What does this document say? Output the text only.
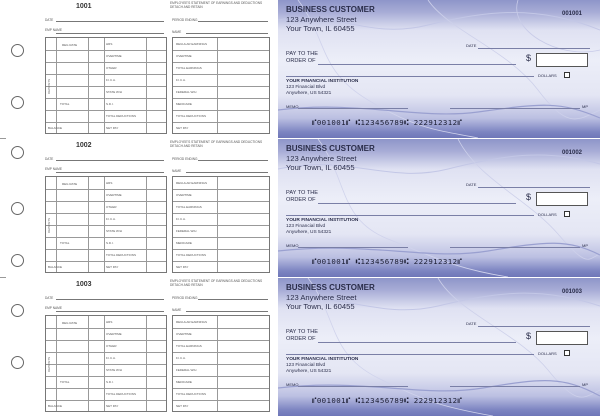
1001	EMPLOYEE'S STATEMENT OF EARNINGS AND DEDUCTIONS DETACH AND RETAIN
DATE	PERIOD ENDING
EMP NAME	NAME
DEPOSITS
REG RATE	HRS
OVERTIME
OTHER
F.I.C.A.
STATE W/H
TOTAL	S.D.I.
TOTAL DEDUCTIONS
BALANCE	NET PAY
REGULAR EARNINGS
OVERTIME
TOTAL EARNINGS
F.I.C.A.
FEDERAL W/H
MEDICARE
TOTAL DEDUCTIONS
NET PAY
1002	EMPLOYEE'S STATEMENT OF EARNINGS AND DEDUCTIONS DETACH AND RETAIN
DATE	PERIOD ENDING
EMP NAME	NAME
DEPOSITS
REG RATE	HRS
OVERTIME
OTHER
F.I.C.A.
STATE W/H
TOTAL	S.D.I.
TOTAL DEDUCTIONS
BALANCE	NET PAY
REGULAR EARNINGS
OVERTIME
TOTAL EARNINGS
F.I.C.A.
FEDERAL W/H
MEDICARE
TOTAL DEDUCTIONS
NET PAY
1003	EMPLOYEE'S STATEMENT OF EARNINGS AND DEDUCTIONS DETACH AND RETAIN
DATE	PERIOD ENDING
EMP NAME	NAME
DEPOSITS
REG RATE	HRS
OVERTIME
OTHER
F.I.C.A.
STATE W/H
TOTAL	S.D.I.
TOTAL DEDUCTIONS
BALANCE	NET PAY
REGULAR EARNINGS
OVERTIME
TOTAL EARNINGS
F.I.C.A.
FEDERAL W/H
MEDICARE
TOTAL DEDUCTIONS
NET PAY
BUSINESS CUSTOMER
123 Anywhere Street
Your Town, IL 60455
001001
DATE
PAY TO THE
ORDER OF	$
DOLLARS
YOUR FINANCIAL INSTITUTION
123 Financial Blvd
Anywhere, US 54321
MEMO	MP
⑈001001⑈ ⑆123456789⑆ 222912312⑈
BUSINESS CUSTOMER
123 Anywhere Street
Your Town, IL 60455
001002
DATE
PAY TO THE
ORDER OF	$
DOLLARS
YOUR FINANCIAL INSTITUTION
123 Financial Blvd
Anywhere, US 54321
MEMO	MP
⑈001001⑈ ⑆123456789⑆ 222912312⑈
BUSINESS CUSTOMER
123 Anywhere Street
Your Town, IL 60455
001003
DATE
PAY TO THE
ORDER OF	$
DOLLARS
YOUR FINANCIAL INSTITUTION
123 Financial Blvd
Anywhere, US 54321
MEMO	MP
⑈001001⑈ ⑆123456789⑆ 222912312⑈
